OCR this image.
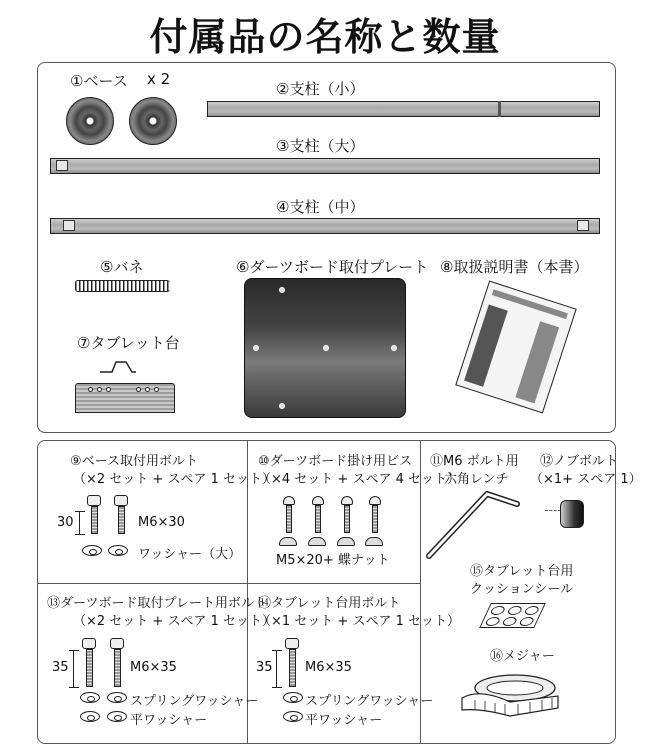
付属品の名称と数量
①ベース x 2
②支柱（小）
③支柱（大）
④支柱（中）
⑤バネ
⑦タブレット台
⑥ダーツボード取付プレート ⑧取扱説明書（本書）
⑨ベース取付用ボルト
（×2 セット + スペア 1 セット）
30	M6×30
ワッシャー（大）
⑩ダーツボード掛け用ビス
（×4 セット + スペア 4 セット）
M5×20+ 蝶ナット
⑪M6 ボルト用
六角レンチ
⑫ノブボルト
（×1+ スペア 1）
⑮タブレット台用
クッションシール
⑯メジャー
⑬ダーツボード取付プレート用ボルト
（×2 セット + スペア 1 セット）
35	M6×35
スプリングワッシャー
平ワッシャー
⑭タブレット台用ボルト
（×1 セット + スペア 1 セット）
35 M6×35
スプリングワッシャー
平ワッシャー
